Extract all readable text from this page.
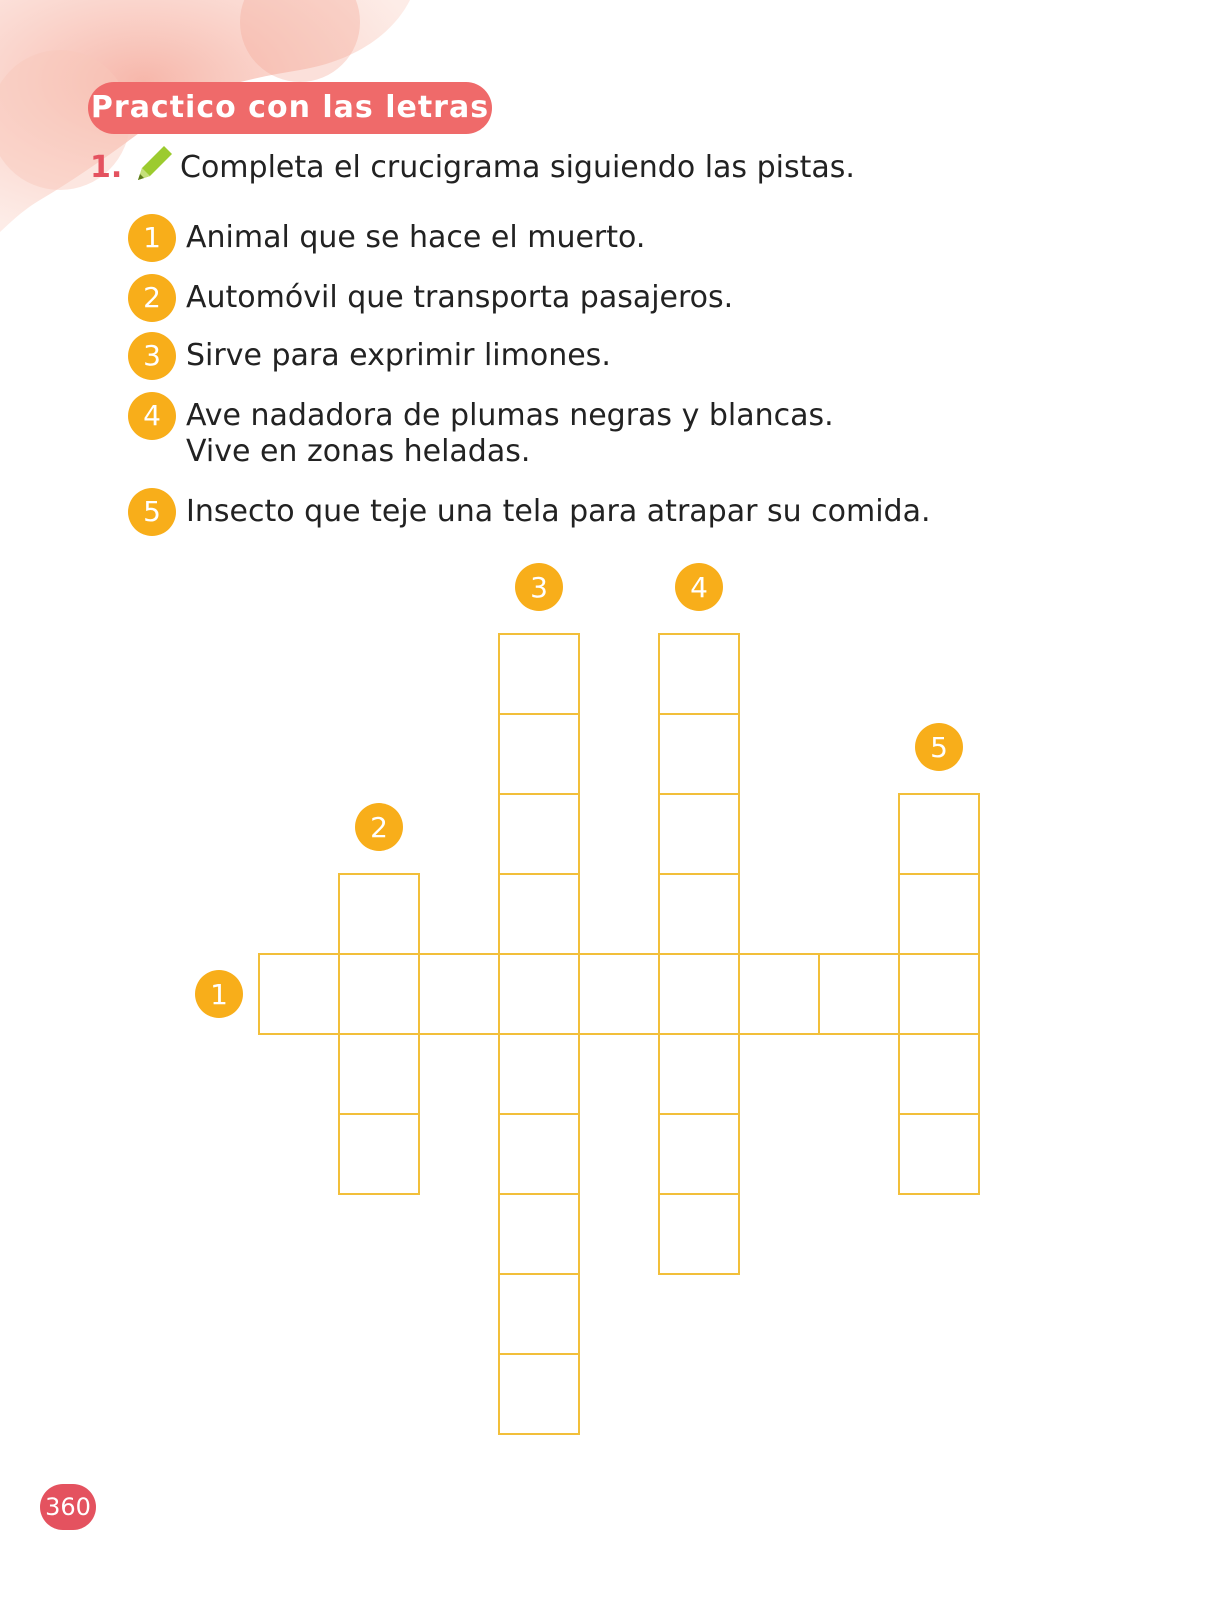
Practico con las letras
1. Completa el crucigrama siguiendo las pistas.
1 Animal que se hace el muerto.
2 Automóvil que transporta pasajeros.
3 Sirve para exprimir limones.
4 Ave nadadora de plumas negras y blancas.
Vive en zonas heladas.
5 Insecto que teje una tela para atrapar su comida.
1
2
3	4
5
360
